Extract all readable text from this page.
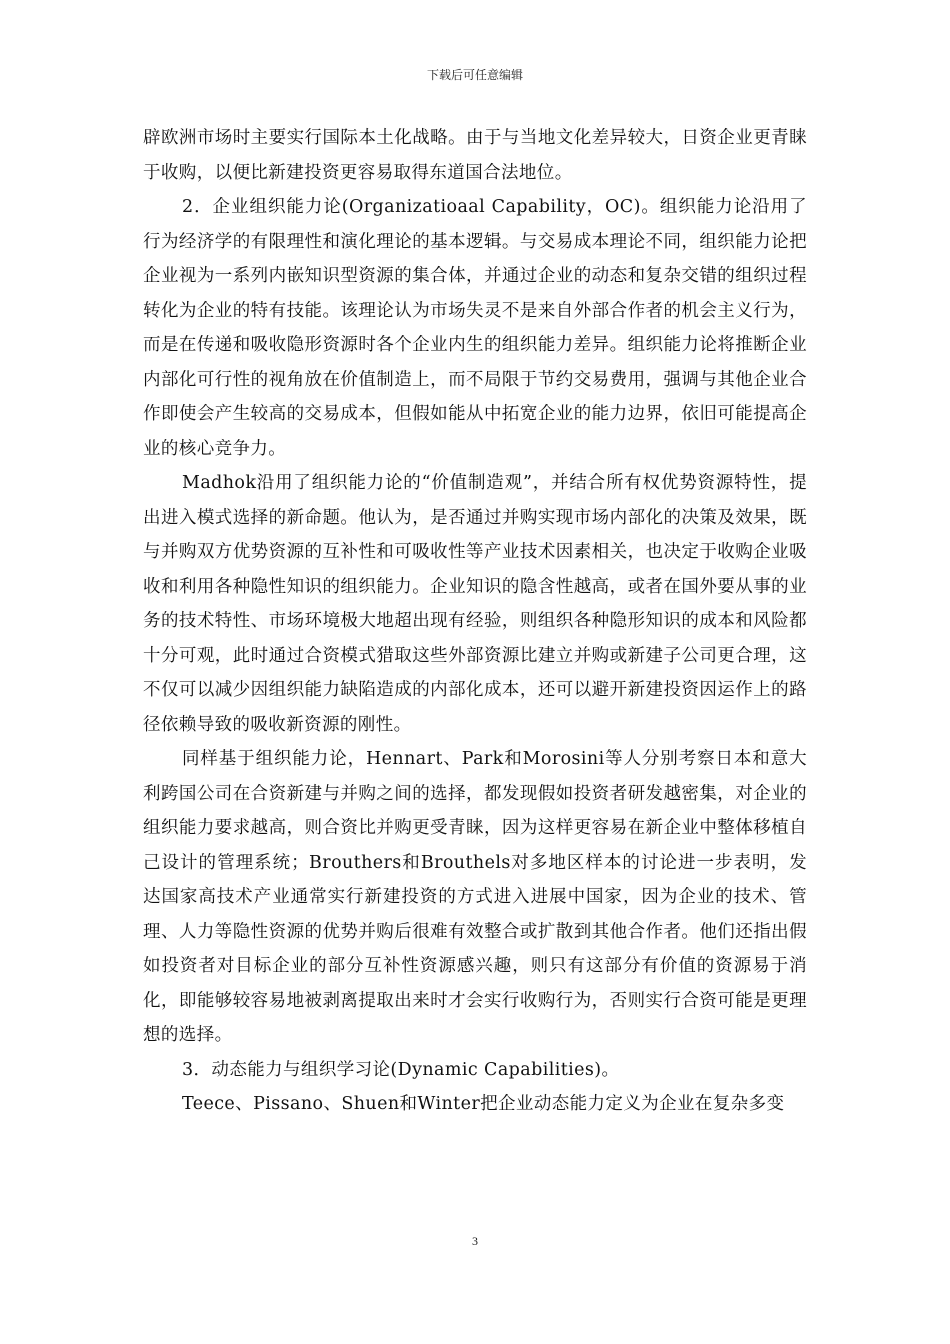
下载后可任意编辑

辟欧洲市场时主要实行国际本土化战略。由于与当地文化差异较大，日资企业更青睐于收购，以便比新建投资更容易取得东道国合法地位。

2．企业组织能力论(Organizatioaal Capability，OC)。组织能力论沿用了行为经济学的有限理性和演化理论的基本逻辑。与交易成本理论不同，组织能力论把企业视为一系列内嵌知识型资源的集合体，并通过企业的动态和复杂交错的组织过程转化为企业的特有技能。该理论认为市场失灵不是来自外部合作者的机会主义行为，而是在传递和吸收隐形资源时各个企业内生的组织能力差异。组织能力论将推断企业内部化可行性的视角放在价值制造上，而不局限于节约交易费用，强调与其他企业合作即使会产生较高的交易成本，但假如能从中拓宽企业的能力边界，依旧可能提高企业的核心竞争力。

Madhok沿用了组织能力论的“价值制造观”，并结合所有权优势资源特性，提出进入模式选择的新命题。他认为，是否通过并购实现市场内部化的决策及效果，既与并购双方优势资源的互补性和可吸收性等产业技术因素相关，也决定于收购企业吸收和利用各种隐性知识的组织能力。企业知识的隐含性越高，或者在国外要从事的业务的技术特性、市场环境极大地超出现有经验，则组织各种隐形知识的成本和风险都十分可观，此时通过合资模式猎取这些外部资源比建立并购或新建子公司更合理，这不仅可以减少因组织能力缺陷造成的内部化成本，还可以避开新建投资因运作上的路径依赖导致的吸收新资源的刚性。

同样基于组织能力论，Hennart、Park和Morosini等人分别考察日本和意大利跨国公司在合资新建与并购之间的选择，都发现假如投资者研发越密集，对企业的组织能力要求越高，则合资比并购更受青睐，因为这样更容易在新企业中整体移植自己设计的管理系统；Brouthers和Brouthels对多地区样本的讨论进一步表明，发达国家高技术产业通常实行新建投资的方式进入进展中国家，因为企业的技术、管理、人力等隐性资源的优势并购后很难有效整合或扩散到其他合作者。他们还指出假如投资者对目标企业的部分互补性资源感兴趣，则只有这部分有价值的资源易于消化，即能够较容易地被剥离提取出来时才会实行收购行为，否则实行合资可能是更理想的选择。

3．动态能力与组织学习论(Dynamic Capabilities)。

Teece、Pissano、Shuen和Winter把企业动态能力定义为企业在复杂多变

3
